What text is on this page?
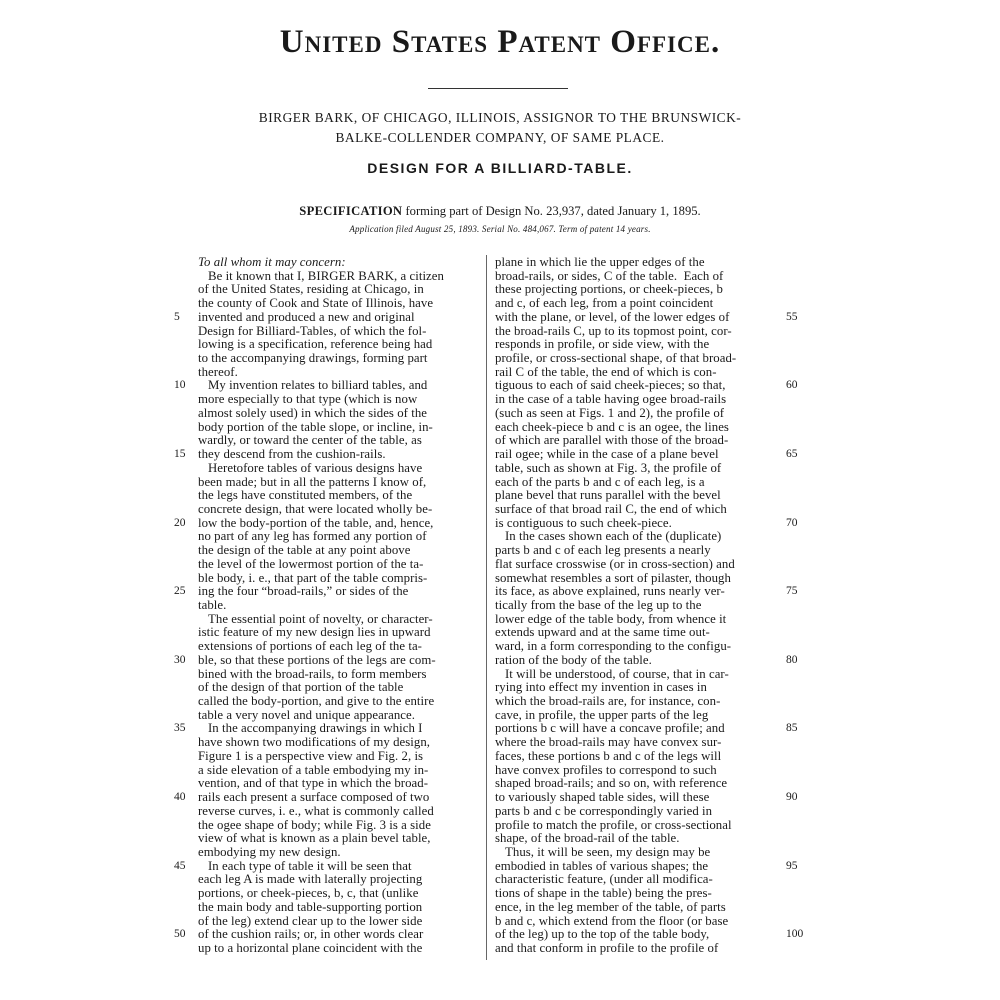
United States Patent Office.
BIRGER BARK, OF CHICAGO, ILLINOIS, ASSIGNOR TO THE BRUNSWICK-
BALKE-COLLENDER COMPANY, OF SAME PLACE.
DESIGN FOR A BILLIARD-TABLE.
SPECIFICATION forming part of Design No. 23,937, dated January 1, 1895.
Application filed August 25, 1893. Serial No. 484,067. Term of patent 14 years.
To all whom it may concern:
Be it known that I, BIRGER BARK, a citizen
of the United States, residing at Chicago, in
the county of Cook and State of Illinois, have
invented and produced a new and original
Design for Billiard-Tables, of which the fol-
lowing is a specification, reference being had
to the accompanying drawings, forming part
thereof.
My invention relates to billiard tables, and
more especially to that type (which is now
almost solely used) in which the sides of the
body portion of the table slope, or incline, in-
wardly, or toward the center of the table, as
they descend from the cushion-rails.
Heretofore tables of various designs have
been made; but in all the patterns I know of,
the legs have constituted members, of the
concrete design, that were located wholly be-
low the body-portion of the table, and, hence,
no part of any leg has formed any portion of
the design of the table at any point above
the level of the lowermost portion of the ta-
ble body, i. e., that part of the table compris-
ing the four “broad-rails,” or sides of the
table.
The essential point of novelty, or character-
istic feature of my new design lies in upward
extensions of portions of each leg of the ta-
ble, so that these portions of the legs are com-
bined with the broad-rails, to form members
of the design of that portion of the table
called the body-portion, and give to the entire
table a very novel and unique appearance.
In the accompanying drawings in which I
have shown two modifications of my design,
Figure 1 is a perspective view and Fig. 2, is
a side elevation of a table embodying my in-
vention, and of that type in which the broad-
rails each present a surface composed of two
reverse curves, i. e., what is commonly called
the ogee shape of body; while Fig. 3 is a side
view of what is known as a plain bevel table,
embodying my new design.
In each type of table it will be seen that
each leg A is made with laterally projecting
portions, or cheek-pieces, b, c, that (unlike
the main body and table-supporting portion
of the leg) extend clear up to the lower side
of the cushion rails; or, in other words clear
up to a horizontal plane coincident with the
plane in which lie the upper edges of the
broad-rails, or sides, C of the table.  Each of
these projecting portions, or cheek-pieces, b
and c, of each leg, from a point coincident
with the plane, or level, of the lower edges of
the broad-rails C, up to its topmost point, cor-
responds in profile, or side view, with the
profile, or cross-sectional shape, of that broad-
rail C of the table, the end of which is con-
tiguous to each of said cheek-pieces; so that,
in the case of a table having ogee broad-rails
(such as seen at Figs. 1 and 2), the profile of
each cheek-piece b and c is an ogee, the lines
of which are parallel with those of the broad-
rail ogee; while in the case of a plane bevel
table, such as shown at Fig. 3, the profile of
each of the parts b and c of each leg, is a
plane bevel that runs parallel with the bevel
surface of that broad rail C, the end of which
is contiguous to such cheek-piece.
In the cases shown each of the (duplicate)
parts b and c of each leg presents a nearly
flat surface crosswise (or in cross-section) and
somewhat resembles a sort of pilaster, though
its face, as above explained, runs nearly ver-
tically from the base of the leg up to the
lower edge of the table body, from whence it
extends upward and at the same time out-
ward, in a form corresponding to the configu-
ration of the body of the table.
It will be understood, of course, that in car-
rying into effect my invention in cases in
which the broad-rails are, for instance, con-
cave, in profile, the upper parts of the leg
portions b c will have a concave profile; and
where the broad-rails may have convex sur-
faces, these portions b and c of the legs will
have convex profiles to correspond to such
shaped broad-rails; and so on, with reference
to variously shaped table sides, will these
parts b and c be correspondingly varied in
profile to match the profile, or cross-sectional
shape, of the broad-rail of the table.
Thus, it will be seen, my design may be
embodied in tables of various shapes; the
characteristic feature, (under all modifica-
tions of shape in the table) being the pres-
ence, in the leg member of the table, of parts
b and c, which extend from the floor (or base
of the leg) up to the top of the table body,
and that conform in profile to the profile of
5
10
15
20
25
30
35
40
45
50
55
60
65
70
75
80
85
90
95
100
